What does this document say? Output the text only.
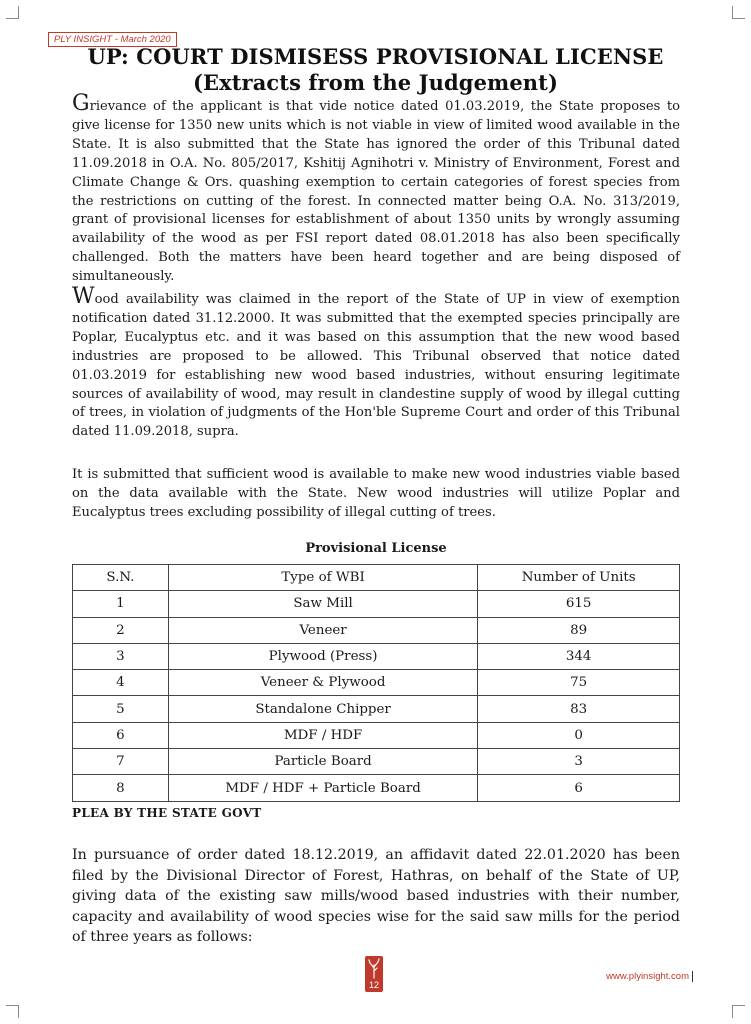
PLY INSIGHT - March 2020
UP: COURT DISMISESS PROVISIONAL LICENSE
(Extracts from the Judgement)

Grievance of the applicant is that vide notice dated 01.03.2019, the State proposes to give license for 1350 new units which is not viable in view of limited wood available in the State. It is also submitted that the State has ignored the order of this Tribunal dated 11.09.2018 in O.A. No. 805/2017, Kshitij Agnihotri v. Ministry of Environment, Forest and Climate Change & Ors. quashing exemption to certain categories of forest species from the restrictions on cutting of the forest. In connected matter being O.A. No. 313/2019, grant of provisional licenses for establishment of about 1350 units by wrongly assuming availability of the wood as per FSI report dated 08.01.2018 has also been specifically challenged. Both the matters have been heard together and are being disposed of simultaneously.

Wood availability was claimed in the report of the State of UP in view of exemption notification dated 31.12.2000. It was submitted that the exempted species principally are Poplar, Eucalyptus etc. and it was based on this assumption that the new wood based industries are proposed to be allowed. This Tribunal observed that notice dated 01.03.2019 for establishing new wood based industries, without ensuring legitimate sources of availability of wood, may result in clandestine supply of wood by illegal cutting of trees, in violation of judgments of the Hon'ble Supreme Court and order of this Tribunal dated 11.09.2018, supra.

It is submitted that sufficient wood is available to make new wood industries viable based on the data available with the State. New wood industries will utilize Poplar and Eucalyptus trees excluding possibility of illegal cutting of trees.

Provisional License
S.N.	Type of WBI	Number of Units
1	Saw Mill	615
2	Veneer	89
3	Plywood (Press)	344
4	Veneer & Plywood	75
5	Standalone Chipper	83
6	MDF / HDF	0
7	Particle Board	3
8	MDF / HDF + Particle Board	6
PLEA BY THE STATE GOVT

In pursuance of order dated 18.12.2019, an affidavit dated 22.01.2020 has been filed by the Divisional Director of Forest, Hathras, on behalf of the State of UP, giving data of the existing saw mills/wood based industries with their number, capacity and availability of wood species wise for the said saw mills for the period of three years as follows:

12
www.plyinsight.com
